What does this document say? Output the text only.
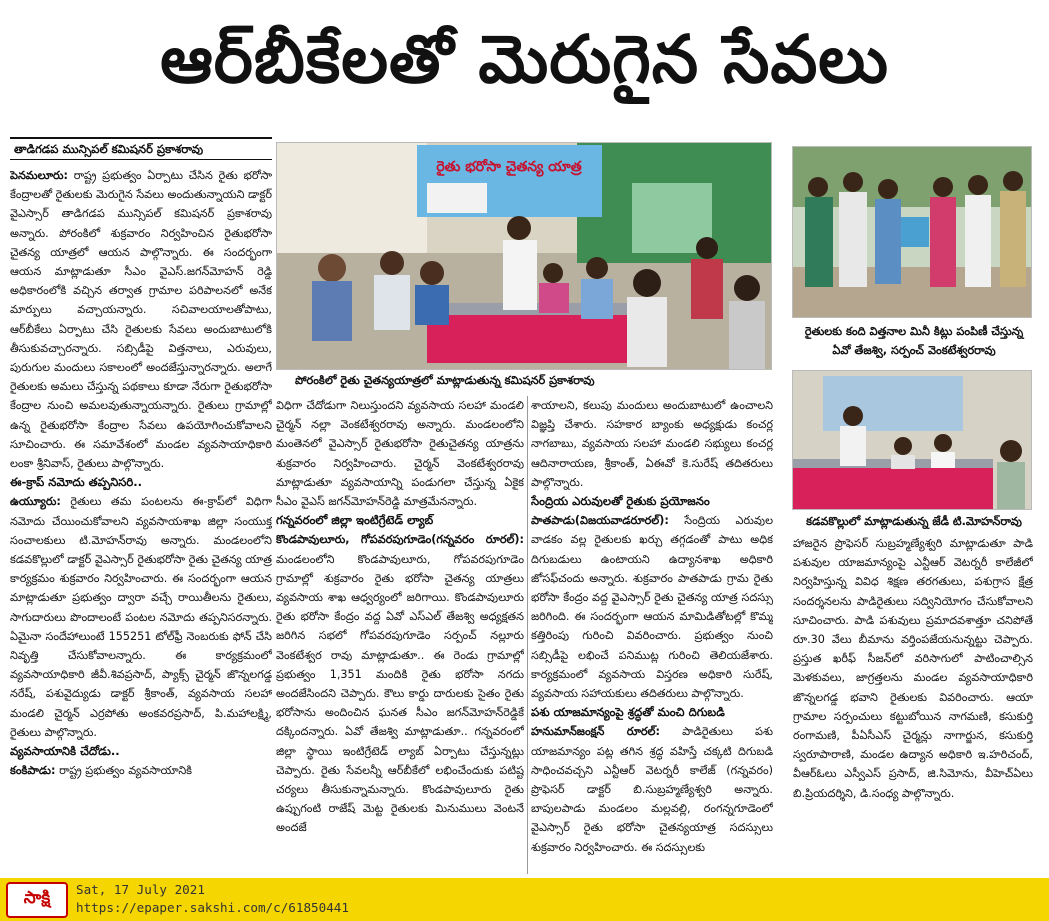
ఆర్‌బీకేలతో మెరుగైన సేవలు
తాడిగడప మున్సిపల్ కమిషనర్ ప్రకాశరావు

పెనమలూరు: రాష్ట్ర ప్రభుత్వం ఏర్పాటు చేసిన రైతు భరోసా కేంద్రాలతో రైతులకు మెరుగైన సేవలు అందుతున్నాయని డాక్టర్ వైఎస్సార్ తాడిగడప మున్సిపల్ కమిషనర్ ప్రకాశరావు అన్నారు. పోరంకిలో శుక్రవారం నిర్వహించిన రైతుభరోసా చైతన్య యాత్రలో ఆయన పాల్గొన్నారు. ఈ సందర్భంగా ఆయన మాట్లాడుతూ సీఎం వైఎస్.జగన్‌మోహన్ రెడ్డి అధికారంలోకి వచ్చిన తర్వాత గ్రామాల పరిపాలనలో అనేక మార్పులు వచ్చాయన్నారు. సచివాలయాలతోపాటు, ఆర్‌బీకేలు ఏర్పాటు చేసి రైతులకు సేవలు అందుబాటులోకి తీసుకువచ్చారన్నారు. సబ్సిడీపై విత్తనాలు, ఎరువులు, పురుగుల మందులు సకాలంలో అందజేస్తున్నారన్నారు. అలాగే రైతులకు అమలు చేస్తున్న పథకాలు కూడా నేరుగా రైతుభరోసా కేంద్రాల నుంచి అమలవుతున్నాయన్నారు. రైతులు గ్రామాల్లో ఉన్న రైతుభరోసా కేంద్రాల సేవలు ఉపయోగించుకోవాలని సూచించారు. ఈ సమావేశంలో మండల వ్యవసాయాధికారి లంకా శ్రీనివాస్, రైతులు పాల్గొన్నారు.

ఈ-క్రాప్ నమోదు తప్పనిసరి..

ఉయ్యూరు: రైతులు తమ పంటలను ఈ-క్రాప్‌లో విధిగా నమోదు చేయించుకోవాలని వ్యవసాయశాఖ జిల్లా సంయుక్త సంచాలకులు టి.మోహన్‌రావు అన్నారు. మండలంలోని కడవకొల్లులో డాక్టర్ వైఎస్సార్ రైతుభరోసా రైతు చైతన్య యాత్ర కార్యక్రమం శుక్రవారం నిర్వహించారు. ఈ సందర్భంగా ఆయన మాట్లాడుతూ ప్రభుత్వం ద్వారా వచ్చే రాయితీలను రైతులు, సాగుదారులు పొందాలంటే పంటల నమోదు తప్పనిసరన్నారు. ఏమైనా సందేహాలుంటే 155251 టోల్‌ఫ్రీ నెంబరుకు ఫోన్ చేసి నివృత్తి చేసుకోవాలన్నారు. ఈ కార్యక్రమంలో వ్యవసాయాధికారి జీవీ.శివప్రసాద్, ప్యాక్స్ చైర్మన్ జొన్నలగడ్డ నరేష్, పశువైద్యుడు డాక్టర్ శ్రీకాంత్, వ్యవసాయ సలహా మండలి చైర్మన్ ఎర్రపోతు అంకవరప్రసాద్, పి.మహాలక్ష్మి, రైతులు పాల్గొన్నారు.

వ్యవసాయానికి చేదోడు..

కంకిపాడు: రాష్ట్ర ప్రభుత్వం వ్యవసాయానికి

రైతు భరోసా చైతన్య యాత్ర
పోరంకిలో రైతు చైతన్యయాత్రలో మాట్లాడుతున్న కమిషనర్ ప్రకాశరావు

విధిగా చేదోడుగా నిలుస్తుందని వ్యవసాయ సలహా మండలి చైర్మన్ నల్లా వెంకటేశ్వరరావు అన్నారు. మండలంలోని మంతెనలో వైఎస్సార్ రైతుభరోసా రైతుచైతన్య యాత్రను శుక్రవారం నిర్వహించారు. చైర్మన్ వెంకటేశ్వరరావు మాట్లాడుతూ వ్యవసాయాన్ని పండుగలా చేస్తున్న ఏకైక సీఎం వైఎస్ జగన్‌మోహన్‌రెడ్డి మాత్రమేనన్నారు.

గన్నవరంలో జిల్లా ఇంటిగ్రేటెడ్ ల్యాబ్

కొండపావులూరు, గోపవరపుగూడెం(గన్నవరం రూరల్): మండలంలోని కొండపావులూరు, గోపవరపుగూడెం గ్రామాల్లో శుక్రవారం రైతు భరోసా చైతన్య యాత్రలు వ్యవసాయ శాఖ ఆధ్వర్యంలో జరిగాయి. కొండపావులూరు రైతు భరోసా కేంద్రం వద్ద ఏవో ఎస్‌ఎల్ తేజశ్వి అధ్యక్షతన జరిగిన సభలో గోపవరపుగూడెం సర్పంచ్ నల్లూరు వెంకటేశ్వర రావు మాట్లాడుతూ.. ఈ రెండు గ్రామాల్లో ప్రభుత్వం 1,351 మందికి రైతు భరోసా నగదు అందజేసిందని చెప్పారు. కౌలు కార్డు దారులకు సైతం రైతు భరోసాను అందించిన ఘనత సీఎం జగన్‌మోహన్‌రెడ్డికే దక్కిందన్నారు. ఏవో తేజశ్వి మాట్లాడుతూ.. గన్నవరంలో జిల్లా స్థాయి ఇంటిగ్రేటెడ్ ల్యాబ్ ఏర్పాటు చేస్తున్నట్లు చెప్పారు. రైతు సేవలన్నీ ఆర్‌బీకేలో లభించేందుకు పటిష్ట చర్యలు తీసుకున్నామన్నారు. కొండపావులూరు రైతు ఉప్పుగంటి రాజేష్ మెట్ట రైతులకు మినుములు వెంటనే అందజే

శాయాలని, కలుపు మందులు అందుబాటులో ఉంచాలని విజ్ఞప్తి చేశారు. సహకార బ్యాంకు అధ్యక్షుడు కంచర్ల నాగబాబు, వ్యవసాయ సలహా మండలి సభ్యులు కంచర్ల ఆదినారాయణ, శ్రీకాంత్, ఏఈవో కె.సురేష్ తదితరులు పాల్గొన్నారు.

సేంద్రియ ఎరువులతో రైతుకు ప్రయోజనం

పాతపాడు(విజయవాడరూరల్): సేంద్రియ ఎరువుల వాడకం వల్ల రైతులకు ఖర్చు తగ్గడంతో పాటు అధిక దిగుబడులు ఉంటాయని ఉద్యానశాఖ అధికారి జోసఫ్‌చందు అన్నారు. శుక్రవారం పాతపాడు గ్రామ రైతు భరోసా కేంద్రం వద్ద వైఎస్సార్ రైతు చైతన్య యాత్ర సదస్సు జరిగింది. ఈ సందర్భంగా ఆయన మామిడితోటల్లో కొమ్మ కత్తిరింపు గురించి వివరించారు. ప్రభుత్వం నుంచి సబ్సిడీపై లభించే పనిముట్ల గురించి తెలియజేశారు. కార్యక్రమంలో వ్యవసాయ విస్తరణ అధికారి సురేష్, వ్యవసాయ సహాయకులు తదితరులు పాల్గొన్నారు.

పశు యాజమాన్యంపై శ్రద్ధతో మంచి దిగుబడి

హనుమాన్‌జంక్షన్ రూరల్: పాడిరైతులు పశు యాజమాన్యం పట్ల తగిన శ్రద్ధ వహిస్తే చక్కటి దిగుబడి సాధించవచ్చని ఎన్టీఆర్ వెటర్నరీ కాలేజ్ (గన్నవరం) ప్రొఫెసర్ డాక్టర్ బి.సుబ్రహ్మణ్యేశ్వరి అన్నారు. బాపులపాడు మండలం మల్లవల్లి, రంగన్నగూడెంలో వైఎస్సార్ రైతు భరోసా చైతన్యయాత్ర సదస్సులు శుక్రవారం నిర్వహించారు. ఈ సదస్సులకు

రైతులకు కంది విత్తనాల మినీ కిట్లు పంపిణీ చేస్తున్న ఏవో తేజశ్వి, సర్పంచ్ వెంకటేశ్వరరావు
కడవకొల్లులో మాట్లాడుతున్న జేడీ టి.మోహన్‌రావు

హాజరైన ప్రొఫెసర్ సుబ్రహ్మణ్యేశ్వరి మాట్లాడుతూ పాడి పశువుల యాజమాన్యంపై ఎన్టీఆర్ వెటర్నరీ కాలేజీలో నిర్వహిస్తున్న వివిధ శిక్షణ తరగతులు, పశుగ్రాస క్షేత్ర సందర్శనలను పాడిరైతులు సద్వినియోగం చేసుకోవాలని సూచించారు. పాడి పశువులు ప్రమాదవశాత్తూ చనిపోతే రూ.30 వేలు బీమాను వర్తింపజేయనున్నట్టు చెప్పారు. ప్రస్తుత ఖరీఫ్ సీజన్‌లో వరిసాగులో పాటించాల్సిన మెళకువలు, జాగ్రత్తలను మండల వ్యవసాయాధికారి జొన్నలగడ్డ భవాని రైతులకు వివరించారు. ఆయా గ్రామాల సర్పంచులు కట్టుబోయిన నాగమణి, కసుకుర్తి రంగామణి, పీఏసీఎస్ చైర్మన్లు నాగార్జున, కసుకుర్తి స్వరూపారాణి, మండల ఉద్యాన అధికారి ఇ.హరిచంద్, వీఆర్‌ఓలు ఎస్వీఎస్ ప్రసాద్, జి.సిమోను, వీహెచ్‌ఏలు బి.ప్రియదర్శిని, డి.సంధ్య పాల్గొన్నారు.

సాక్షి	Sat, 17 July 2021
https://epaper.sakshi.com/c/61850441
